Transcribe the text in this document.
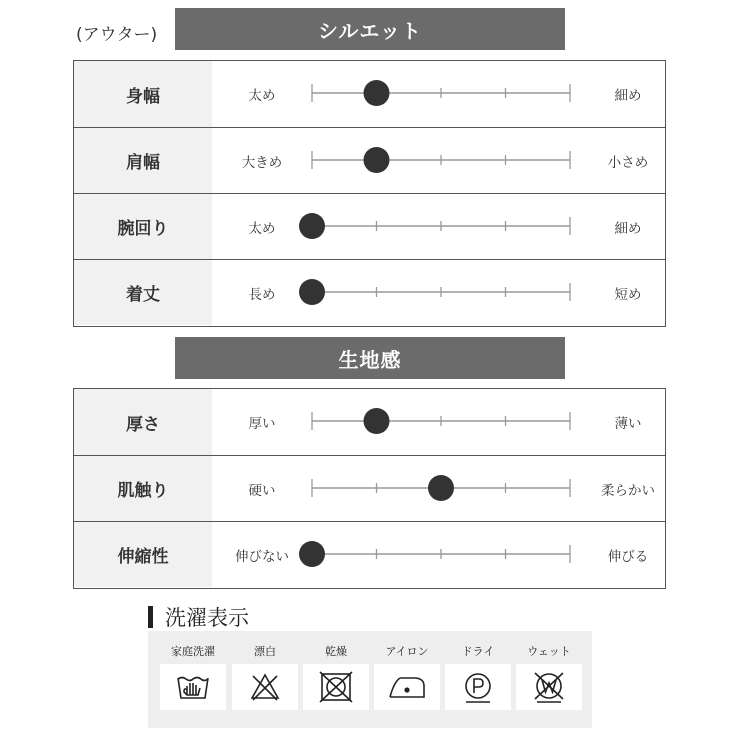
(アウター)	シルエット
身幅	太め	細め
肩幅	大きめ	小さめ
腕回り	太め	細め
着丈	長め	短め
生地感
厚さ	厚い	薄い
肌触り	硬い	柔らかい
伸縮性	伸びない	伸びる
洗濯表示
家庭洗濯	漂白	乾燥	アイロン	ドライ	ウェット
